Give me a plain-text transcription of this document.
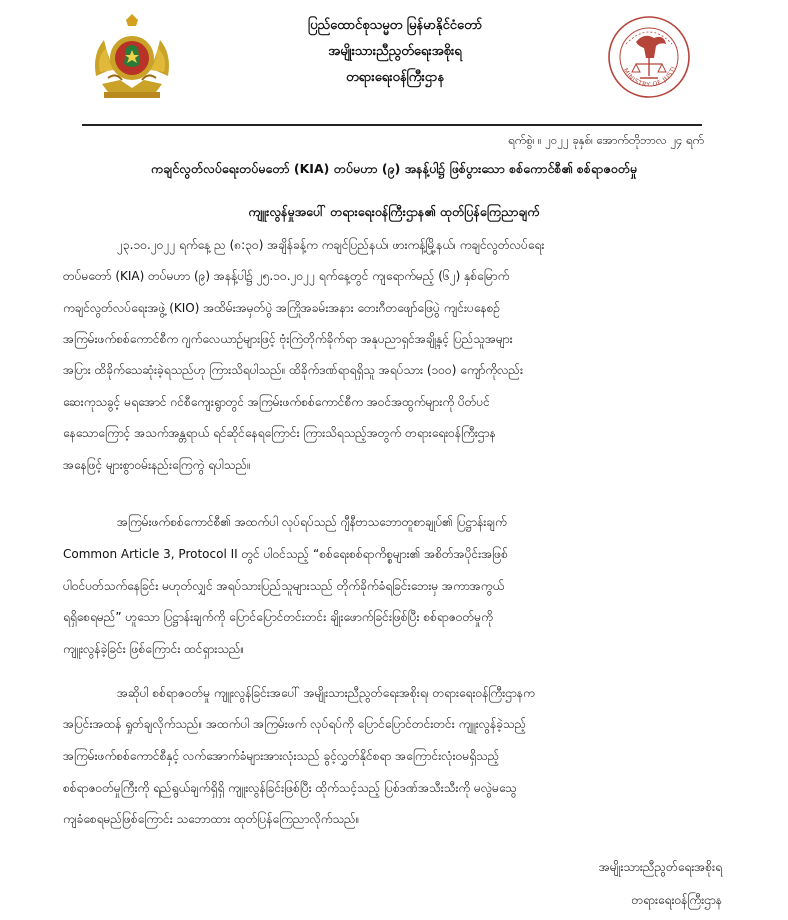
ပြည်ထောင်စုသမ္မတ မြန်မာနိုင်ငံတော်
အမျိုးသားညီညွတ်ရေးအစိုးရ
တရားရေးဝန်ကြီးဌာန	MINISTRY OF JUSTI
ရက်စွဲ၊ ။ ၂၀၂၂ ခုနှစ်၊ အောက်တိုဘာလ ၂၄ ရက်
ကချင်လွတ်လပ်ရေးတပ်မတော် (KIA) တပ်မဟာ (၉) အနန့်ပါ၌ ဖြစ်ပွားသော စစ်ကောင်စီ၏ စစ်ရာဇဝတ်မှု
ကျူးလွန်မှုအပေါ် တရားရေးဝန်ကြီးဌာန၏ ထုတ်ပြန်ကြေညာချက်
၂၃.၁၀.၂၀၂၂ ရက်နေ့ ည (၈:၃၀) အချိန်ခန့်က ကချင်ပြည်နယ်၊ ဖားကန့်မြို့နယ်၊ ကချင်လွတ်လပ်ရေး
တပ်မတော် (KIA) တပ်မဟာ (၉) အနန့်ပါ၌ ၂၅.၁၀.၂၀၂၂ ရက်နေ့တွင် ကျရောက်မည့် (၆၂) နှစ်မြောက်
ကချင်လွတ်လပ်ရေးအဖွဲ့ (KIO) အထိမ်းအမှတ်ပွဲ အကြိုအခမ်းအနား တေးဂီတဖျော်ဖြေပွဲ ကျင်းပနေစဉ်
အကြမ်းဖက်စစ်ကောင်စီက ဂျက်လေယာဉ်များဖြင့် ဗုံးကြဲတိုက်ခိုက်ရာ အနုပညာရှင်အချို့နှင့် ပြည်သူအများ
အပြား ထိခိုက်သေဆုံးခဲ့ရသည်ဟု ကြားသိရပါသည်။ ထိခိုက်ဒဏ်ရာရရှိသူ အရပ်သား (၁၀၀) ကျော်ကိုလည်း
ဆေးကုသခွင့် မရအောင် ဂင်စီကျေးရွာတွင် အကြမ်းဖက်စစ်ကောင်စီက အဝင်အထွက်များကို ပိတ်ပင်
နေသောကြောင့် အသက်အန္တရာယ် ရင်ဆိုင်နေရကြောင်း ကြားသိရသည့်အတွက် တရားရေးဝန်ကြီးဌာန
အနေဖြင့် များစွာဝမ်းနည်းကြေကွဲ ရပါသည်။
အကြမ်းဖက်စစ်ကောင်စီ၏ အထက်ပါ လုပ်ရပ်သည် ဂျီနီဗာသဘောတူစာချုပ်၏ ပြဋ္ဌာန်းချက်
Common Article 3, Protocol II တွင် ပါဝင်သည့် “စစ်ရေးစစ်ရာကိစ္စများ၏ အစိတ်အပိုင်းအဖြစ်
ပါဝင်ပတ်သက်နေခြင်း မဟုတ်လျှင် အရပ်သားပြည်သူများသည် တိုက်ခိုက်ခံရခြင်းဘေးမှ အကာအကွယ်
ရရှိစေရမည်” ဟူသော ပြဋ္ဌာန်းချက်ကို ပြောင်ပြောင်တင်းတင်း ချိုးဖောက်ခြင်းဖြစ်ပြီး စစ်ရာဇဝတ်မှုကို
ကျူးလွန်ခဲ့ခြင်း ဖြစ်ကြောင်း ထင်ရှားသည်။
အဆိုပါ စစ်ရာဇဝတ်မှု ကျူးလွန်ခြင်းအပေါ် အမျိုးသားညီညွတ်ရေးအစိုးရ၊ တရားရေးဝန်ကြီးဌာနက
အပြင်းအထန် ရှုတ်ချလိုက်သည်။ အထက်ပါ အကြမ်းဖက် လုပ်ရပ်ကို ပြောင်ပြောင်တင်းတင်း ကျူးလွန်ခဲ့သည့်
အကြမ်းဖက်စစ်ကောင်စီနှင့် လက်အောက်ခံများအားလုံးသည် ခွင့်လွှတ်နိုင်စရာ အကြောင်းလုံးဝမရှိသည့်
စစ်ရာဇဝတ်မှုကြီးကို ရည်ရွယ်ချက်ရှိရှိ ကျူးလွန်ခြင်းဖြစ်ပြီး ထိုက်သင့်သည့် ပြစ်ဒဏ်အသီးသီးကို မလွဲမသွေ
ကျခံစေရမည်ဖြစ်ကြောင်း သဘောထား ထုတ်ပြန်ကြေညာလိုက်သည်။
အမျိုးသားညီညွတ်ရေးအစိုးရ
တရားရေးဝန်ကြီးဌာန
